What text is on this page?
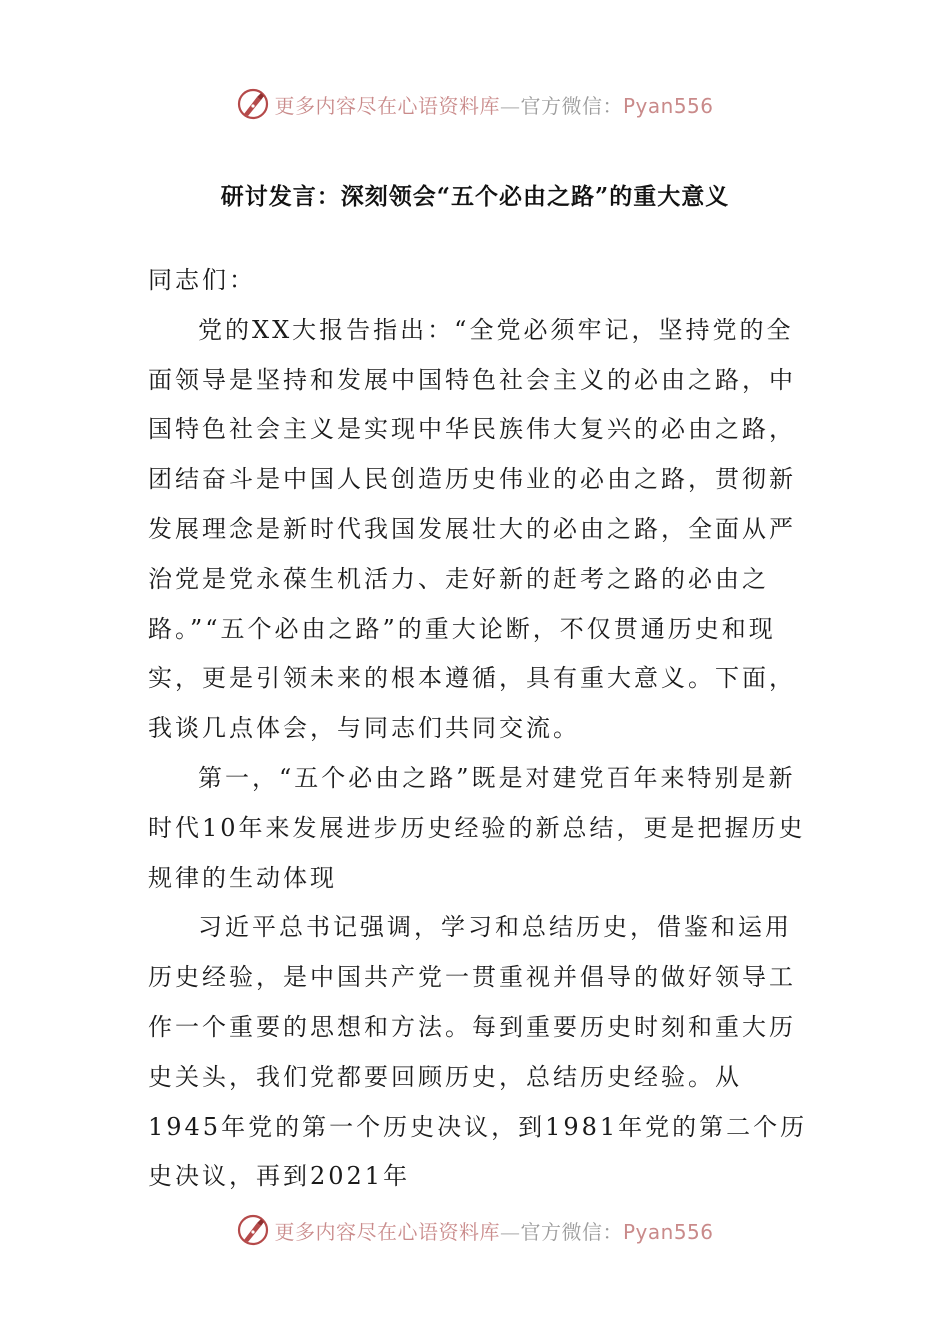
更多内容尽在心语资料库—官方微信：Pyan556
研讨发言：深刻领会“五个必由之路”的重大意义

同志们：

党的XX大报告指出：“全党必须牢记，坚持党的全面领导是坚持和发展中国特色社会主义的必由之路，中国特色社会主义是实现中华民族伟大复兴的必由之路，团结奋斗是中国人民创造历史伟业的必由之路，贯彻新发展理念是新时代我国发展壮大的必由之路，全面从严治党是党永葆生机活力、走好新的赶考之路的必由之路。”“五个必由之路”的重大论断，不仅贯通历史和现实，更是引领未来的根本遵循，具有重大意义。下面，我谈几点体会，与同志们共同交流。

第一，“五个必由之路”既是对建党百年来特别是新时代10年来发展进步历史经验的新总结，更是把握历史规律的生动体现

习近平总书记强调，学习和总结历史，借鉴和运用历史经验，是中国共产党一贯重视并倡导的做好领导工作一个重要的思想和方法。每到重要历史时刻和重大历史关头，我们党都要回顾历史，总结历史经验。从1945年党的第一个历史决议，到1981年党的第二个历史决议，再到2021年

更多内容尽在心语资料库—官方微信：Pyan556
